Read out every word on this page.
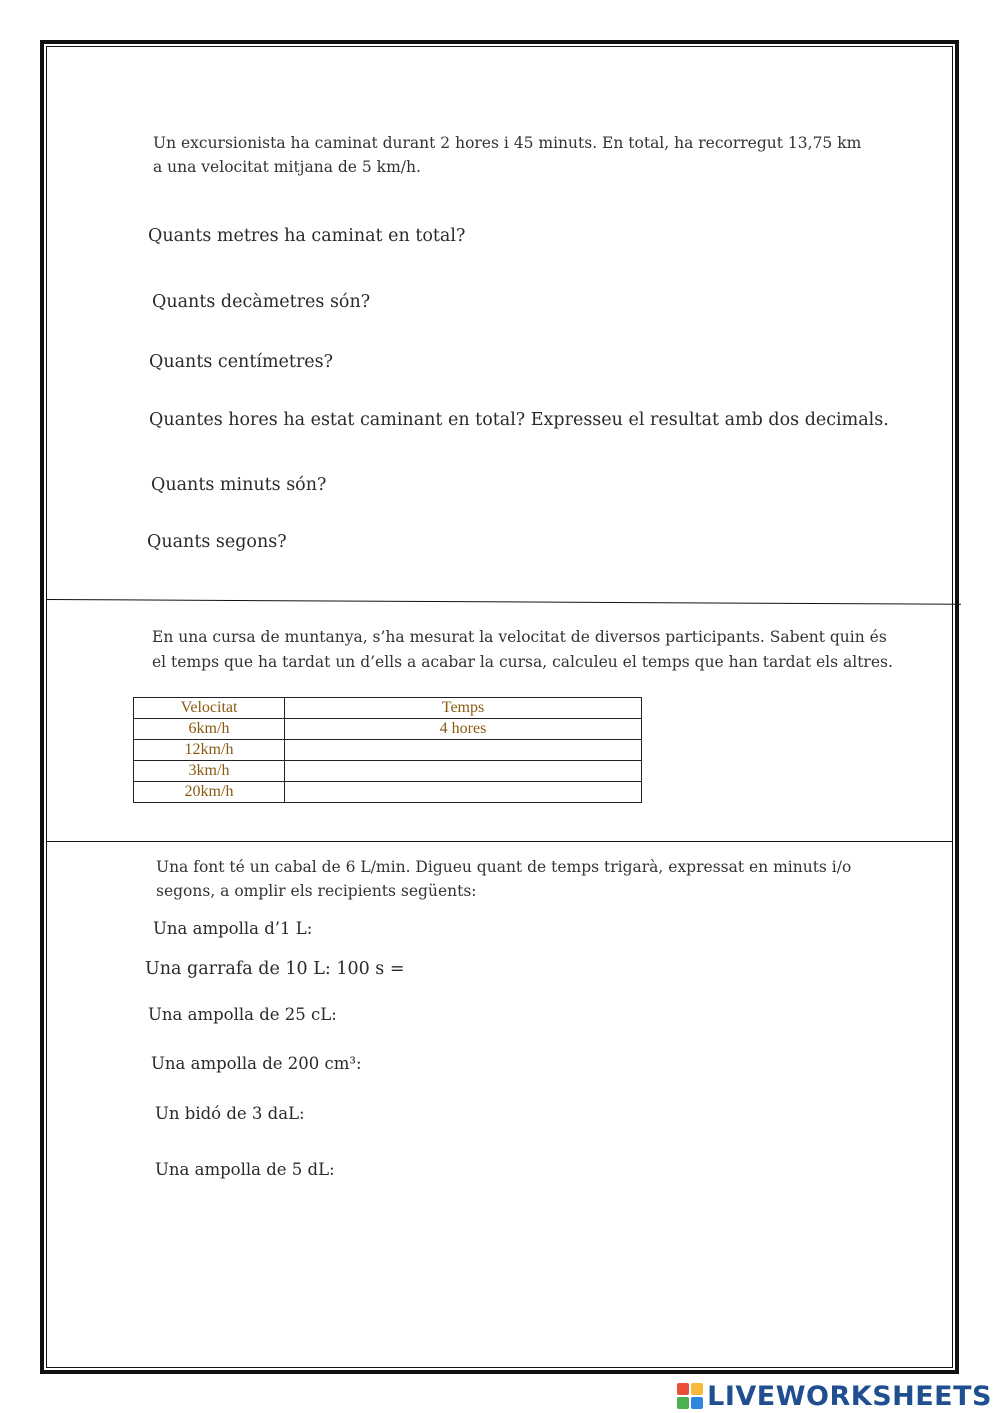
Un excursionista ha caminat durant 2 hores i 45 minuts. En total, ha recorregut 13,75 km
a una velocitat mitjana de 5 km/h.
Quants metres ha caminat en total?
Quants decàmetres són?
Quants centímetres?
Quantes hores ha estat caminant en total? Expresseu el resultat amb dos decimals.
Quants minuts són?
Quants segons?
En una cursa de muntanya, s’ha mesurat la velocitat de diversos participants. Sabent quin és
el temps que ha tardat un d’ells a acabar la cursa, calculeu el temps que han tardat els altres.
Velocitat	Temps
6km/h	4 hores
12km/h	
3km/h	
20km/h	
Una font té un cabal de 6 L/min. Digueu quant de temps trigarà, expressat en minuts i/o
segons, a omplir els recipients següents:
Una ampolla d’1 L:
Una garrafa de 10 L: 100 s =
Una ampolla de 25 cL:
Una ampolla de 200 cm³:
Un bidó de 3 daL:
Una ampolla de 5 dL:
LIVEWORKSHEETS
